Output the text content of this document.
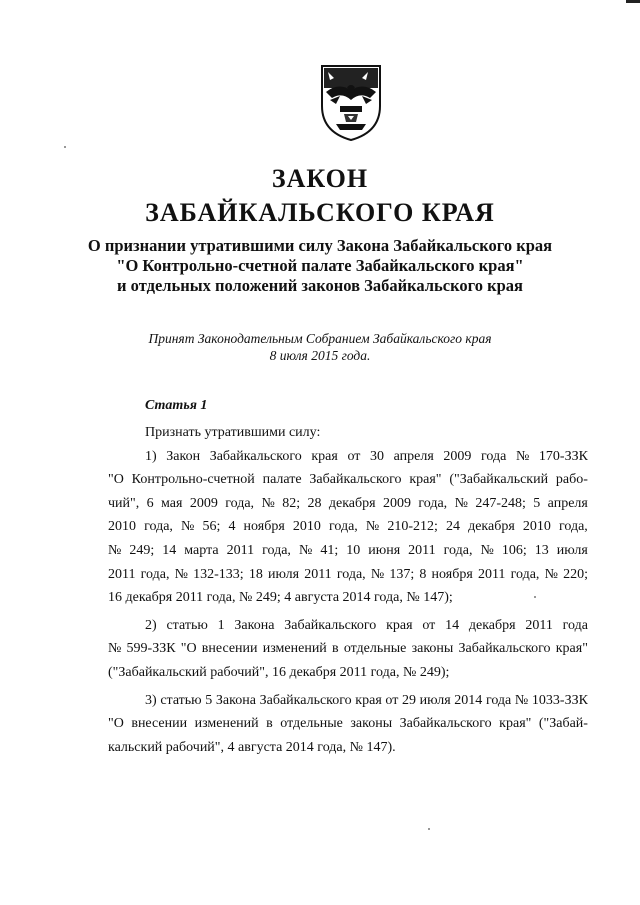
ЗАКОН
ЗАБАЙКАЛЬСКОГО КРАЯ
О признании утратившими силу Закона Забайкальского края
"О Контрольно-счетной палате Забайкальского края"
и отдельных положений законов Забайкальского края
Принят Законодательным Собранием Забайкальского края
8 июля 2015 года.
Статья 1
Признать утратившими силу:
1) Закон Забайкальского края от 30 апреля 2009 года № 170-ЗЗК
"О Контрольно-счетной палате Забайкальского края" ("Забайкальский рабо-
чий", 6 мая 2009 года, № 82; 28 декабря 2009 года, № 247-248; 5 апреля
2010 года, № 56; 4 ноября 2010 года, № 210-212; 24 декабря 2010 года,
№ 249; 14 марта 2011 года, № 41; 10 июня 2011 года, № 106; 13 июля
2011 года, № 132-133; 18 июля 2011 года, № 137; 8 ноября 2011 года, № 220;
16 декабря 2011 года, № 249; 4 августа 2014 года, № 147);
2) статью 1 Закона Забайкальского края от 14 декабря 2011 года
№ 599-ЗЗК "О внесении изменений в отдельные законы Забайкальского края"
("Забайкальский рабочий", 16 декабря 2011 года, № 249);
3) статью 5 Закона Забайкальского края от 29 июля 2014 года № 1033-ЗЗК
"О внесении изменений в отдельные законы Забайкальского края" ("Забай-
кальский рабочий", 4 августа 2014 года, № 147).
